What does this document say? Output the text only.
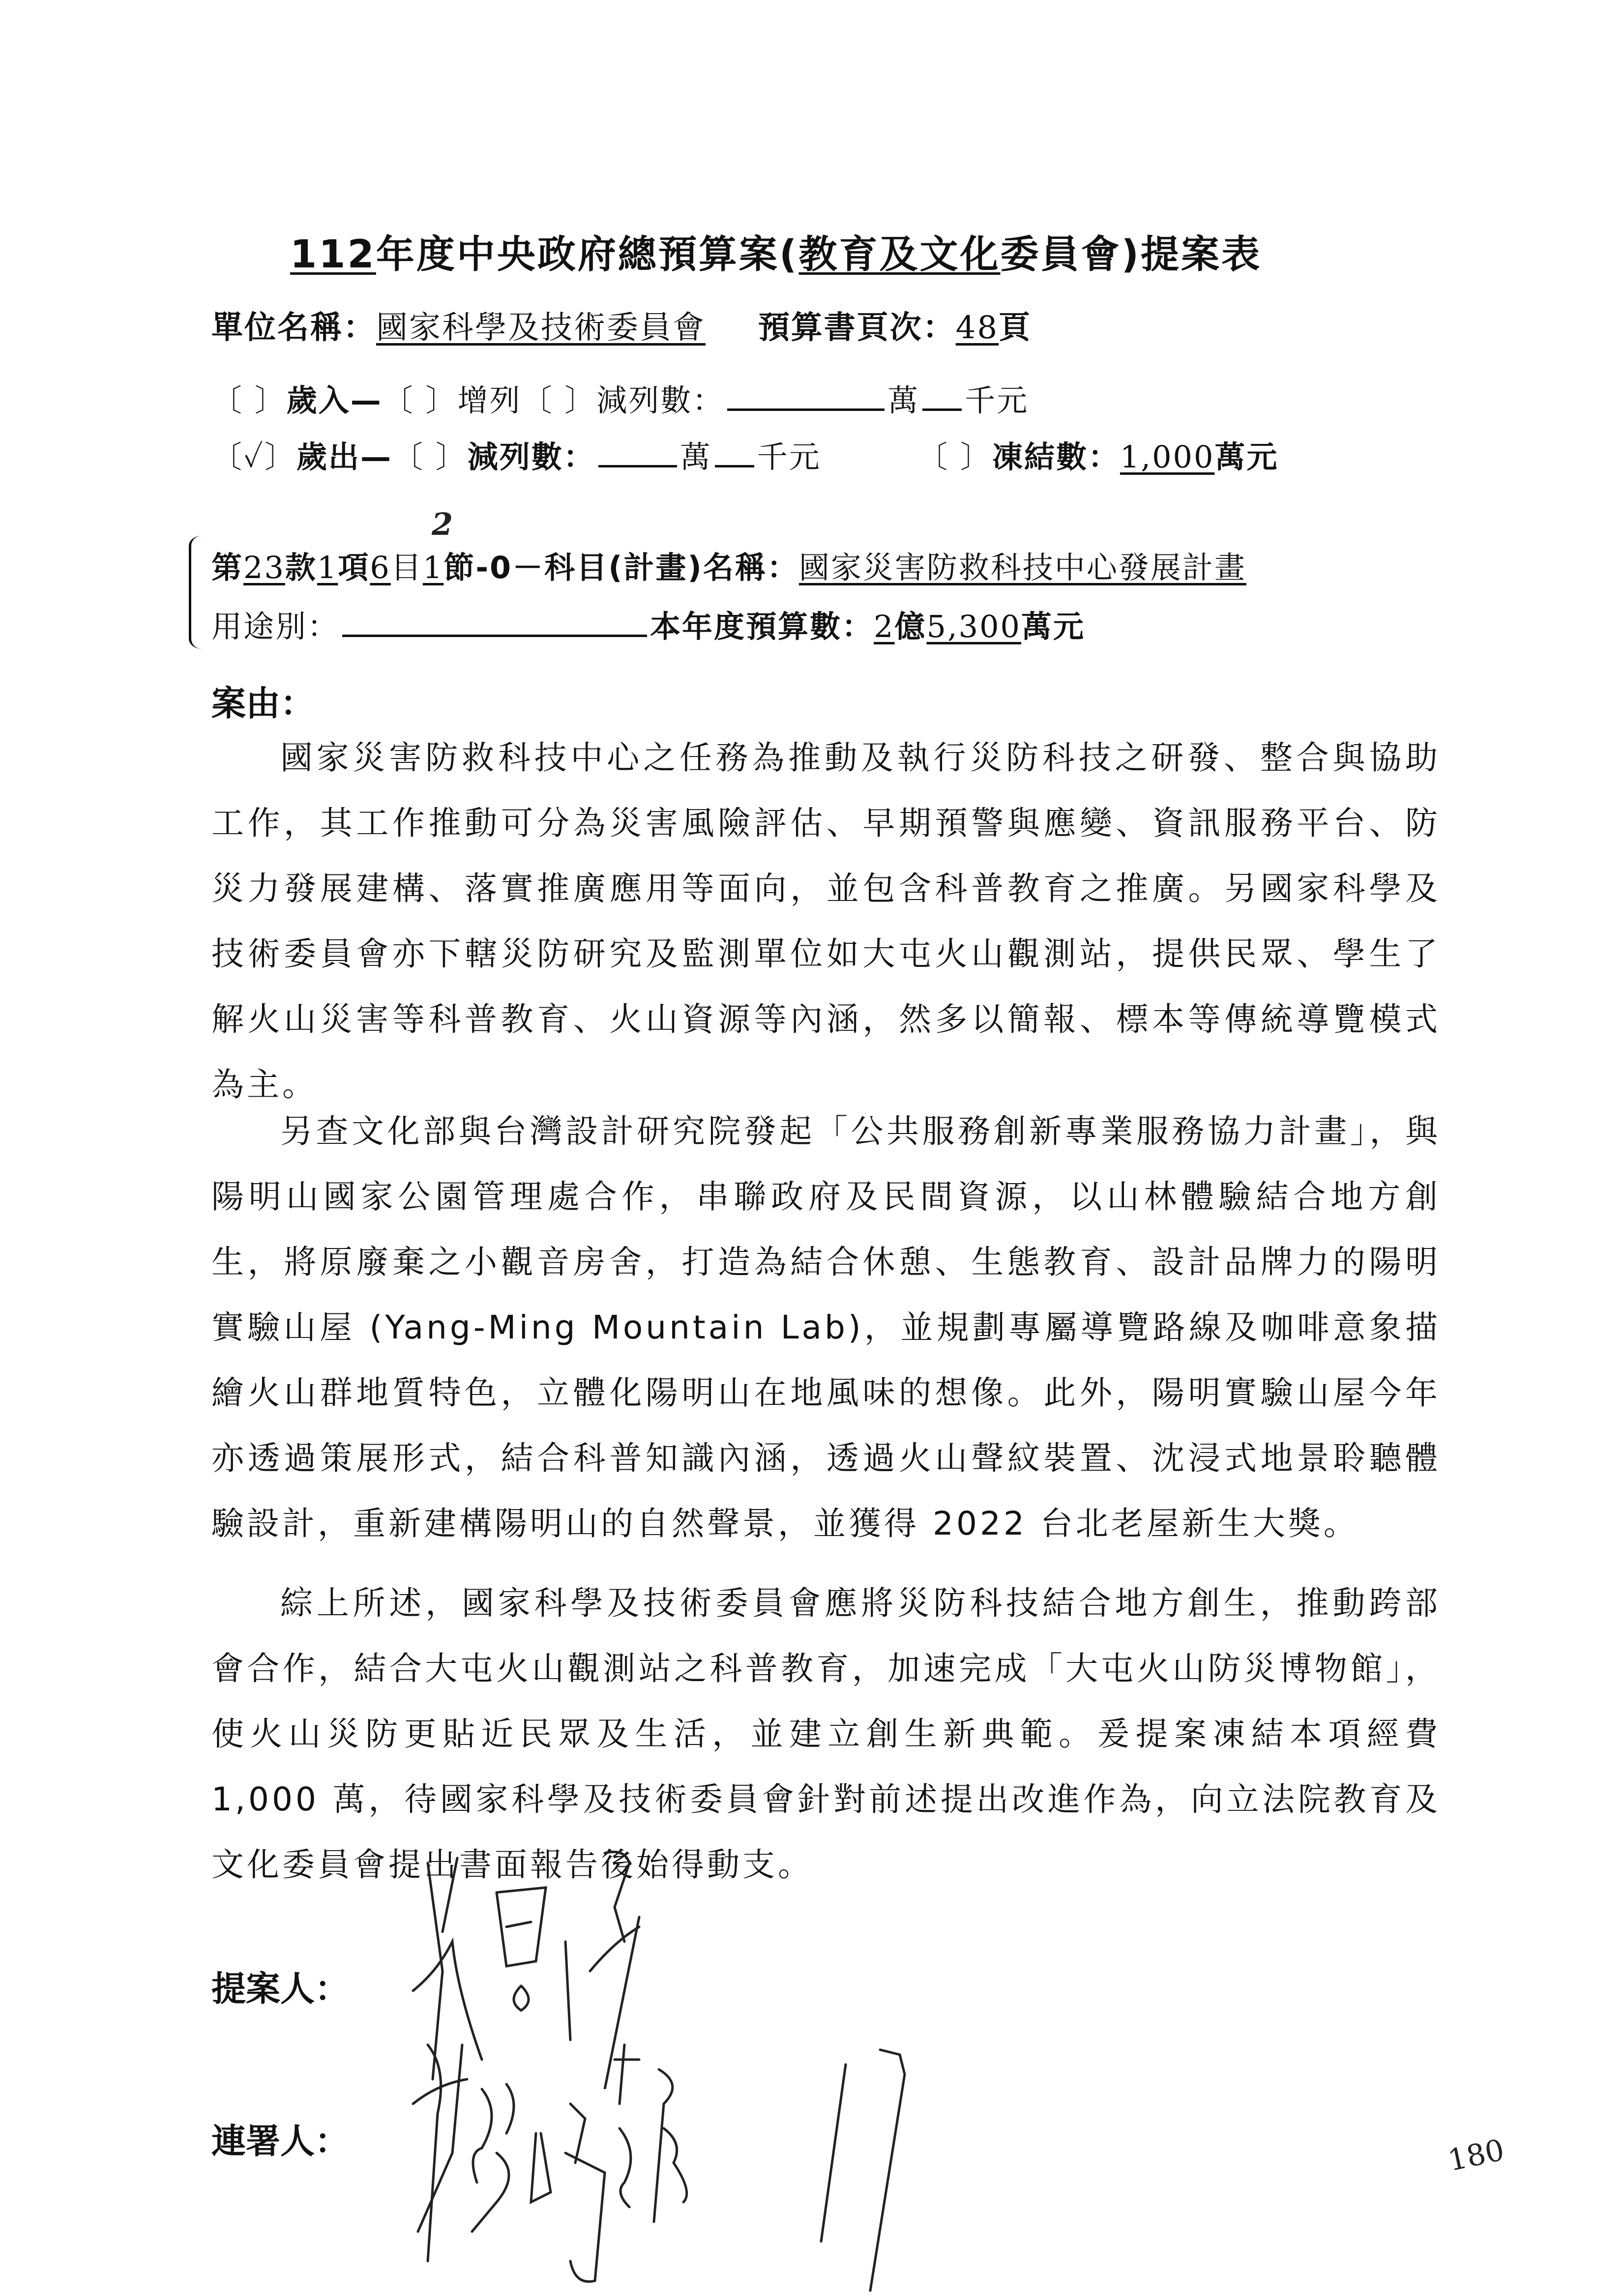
112年度中央政府總預算案(教育及文化委員會)提案表
單位名稱：國家科學及技術委員會 預算書頁次：48頁
〔 〕歲入—〔 〕增列〔 〕減列數：	萬 千元
〔✓〕歲出—〔 〕減列數：	萬 千元	〔 〕凍結數：1,000萬元
2
第23款1項6目1節-0－科目(計畫)名稱：國家災害防救科技中心發展計畫
用途別：	本年度預算數：2億5,300萬元
案由：
國家災害防救科技中心之任務為推動及執行災防科技之研發、整合與協助工作，其工作推動可分為災害風險評估、早期預警與應變、資訊服務平台、防災力發展建構、落實推廣應用等面向，並包含科普教育之推廣。另國家科學及技術委員會亦下轄災防研究及監測單位如大屯火山觀測站，提供民眾、學生了解火山災害等科普教育、火山資源等內涵，然多以簡報、標本等傳統導覽模式為主。
另查文化部與台灣設計研究院發起「公共服務創新專業服務協力計畫」，與陽明山國家公園管理處合作，串聯政府及民間資源，以山林體驗結合地方創生，將原廢棄之小觀音房舍，打造為結合休憩、生態教育、設計品牌力的陽明實驗山屋 (Yang-Ming Mountain Lab)，並規劃專屬導覽路線及咖啡意象描繪火山群地質特色，立體化陽明山在地風味的想像。此外，陽明實驗山屋今年亦透過策展形式，結合科普知識內涵，透過火山聲紋裝置、沈浸式地景聆聽體驗設計，重新建構陽明山的自然聲景，並獲得 2022 台北老屋新生大獎。
綜上所述，國家科學及技術委員會應將災防科技結合地方創生，推動跨部會合作，結合大屯火山觀測站之科普教育，加速完成「大屯火山防災博物館」，使火山災防更貼近民眾及生活，並建立創生新典範。爰提案凍結本項經費 1,000 萬，待國家科學及技術委員會針對前述提出改進作為，向立法院教育及文化委員會提出書面報告後始得動支。
提案人：
連署人：	180
